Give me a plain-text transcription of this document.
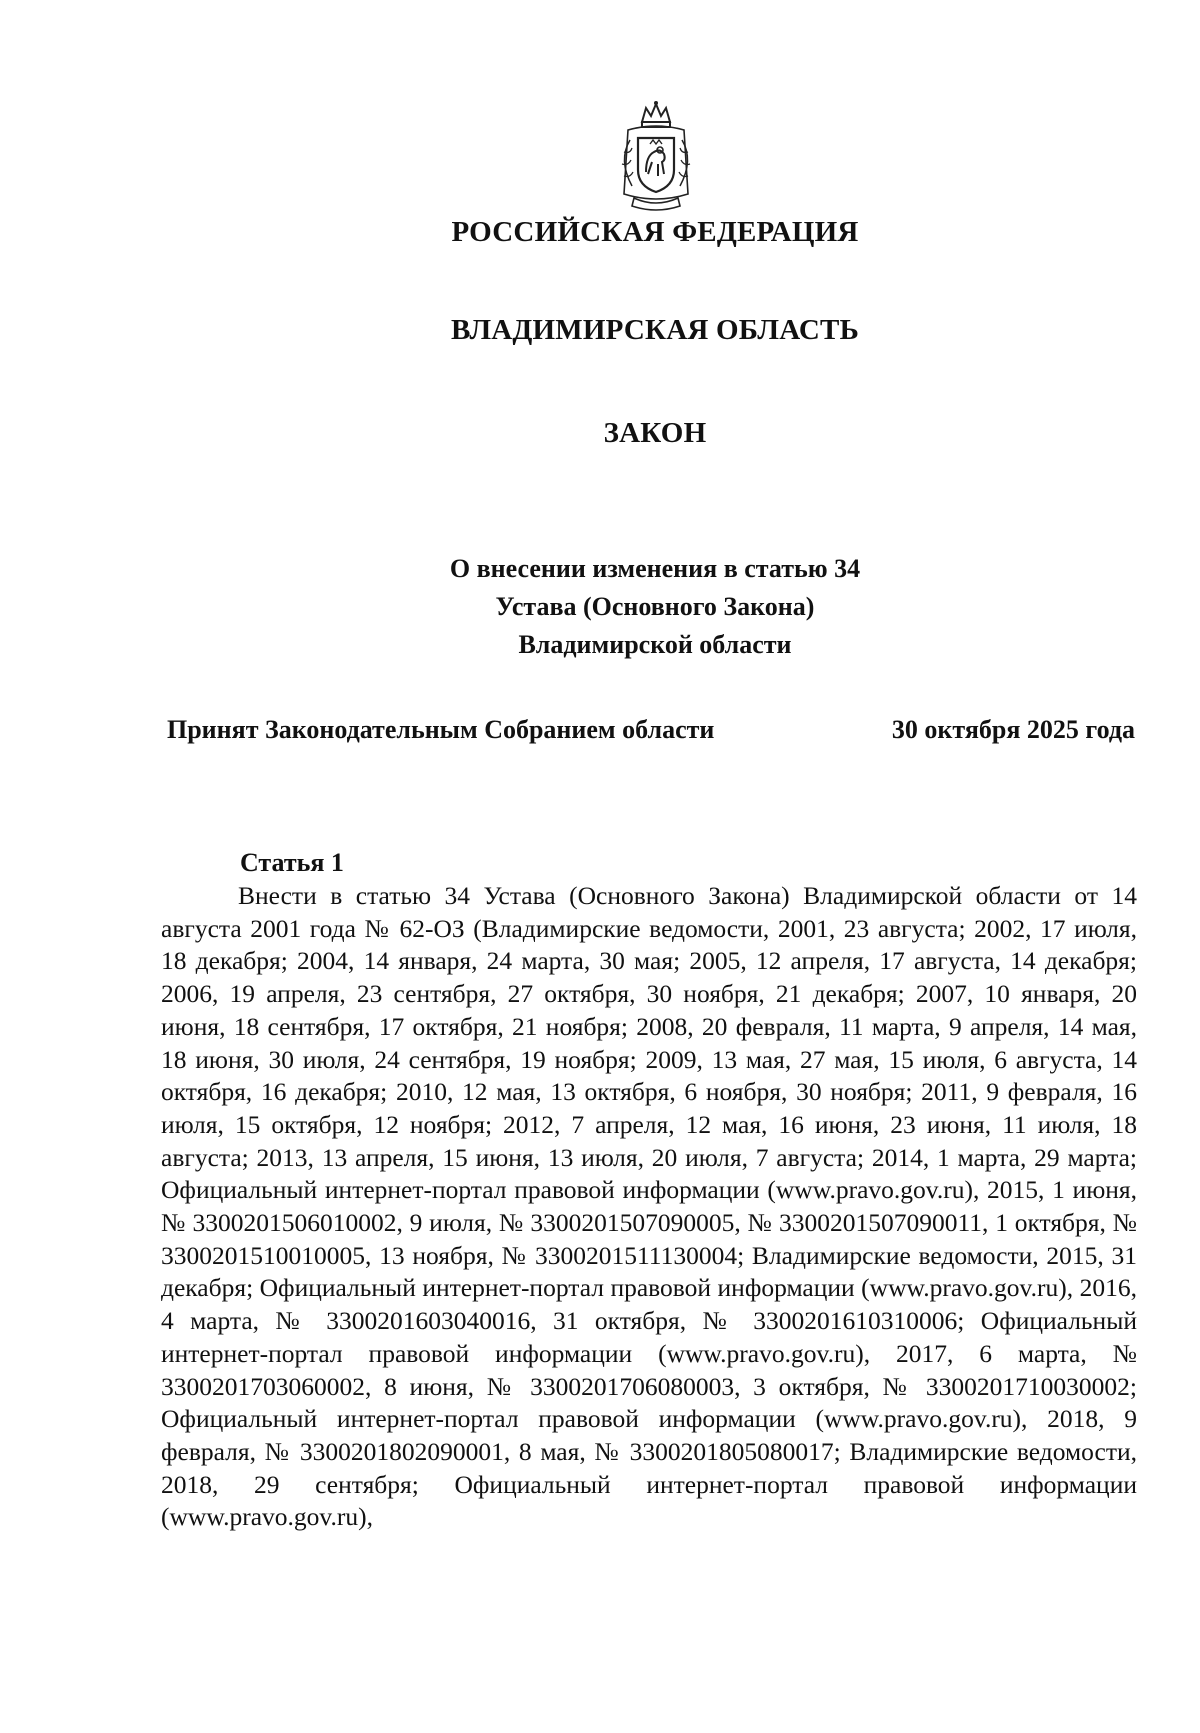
РОССИЙСКАЯ ФЕДЕРАЦИЯ
ВЛАДИМИРСКАЯ ОБЛАСТЬ
ЗАКОН
О внесении изменения в статью 34
Устава (Основного Закона)
Владимирской области
Принят Законодательным Собранием области	30 октября 2025 года
Статья 1

Внести в статью 34 Устава (Основного Закона) Владимирской области от 14 августа 2001 года № 62-ОЗ (Владимирские ведомости, 2001, 23 августа; 2002, 17 июля, 18 декабря; 2004, 14 января, 24 марта, 30 мая; 2005, 12 апреля, 17 августа, 14 декабря; 2006, 19 апреля, 23 сентября, 27 октября, 30 ноября, 21 декабря; 2007, 10 января, 20 июня, 18 сентября, 17 октября, 21 ноября; 2008, 20 февраля, 11 марта, 9 апреля, 14 мая, 18 июня, 30 июля, 24 сентября, 19 ноября; 2009, 13 мая, 27 мая, 15 июля, 6 августа, 14 октября, 16 декабря; 2010, 12 мая, 13 октября, 6 ноября, 30 ноября; 2011, 9 февраля, 16 июля, 15 октября, 12 ноября; 2012, 7 апреля, 12 мая, 16 июня, 23 июня, 11 июля, 18 августа; 2013, 13 апреля, 15 июня, 13 июля, 20 июля, 7 августа; 2014, 1 марта, 29 марта; Официальный интернет-портал правовой информации (www.pravo.gov.ru), 2015, 1 июня, № 3300201506010002, 9 июля, № 3300201507090005, № 3300201507090011, 1 октября, № 3300201510010005, 13 ноября, № 3300201511130004; Владимирские ведомости, 2015, 31 декабря; Официальный интернет-портал правовой информации (www.pravo.gov.ru), 2016, 4 марта, № 3300201603040016, 31 октября, № 3300201610310006; Официальный интернет-портал правовой информации (www.pravo.gov.ru), 2017, 6 марта, № 3300201703060002, 8 июня, № 3300201706080003, 3 октября, № 3300201710030002; Официальный интернет-портал правовой информации (www.pravo.gov.ru), 2018, 9 февраля, № 3300201802090001, 8 мая, № 3300201805080017; Владимирские ведомости, 2018, 29 сентября; Официальный интернет-портал правовой информации (www.pravo.gov.ru),
